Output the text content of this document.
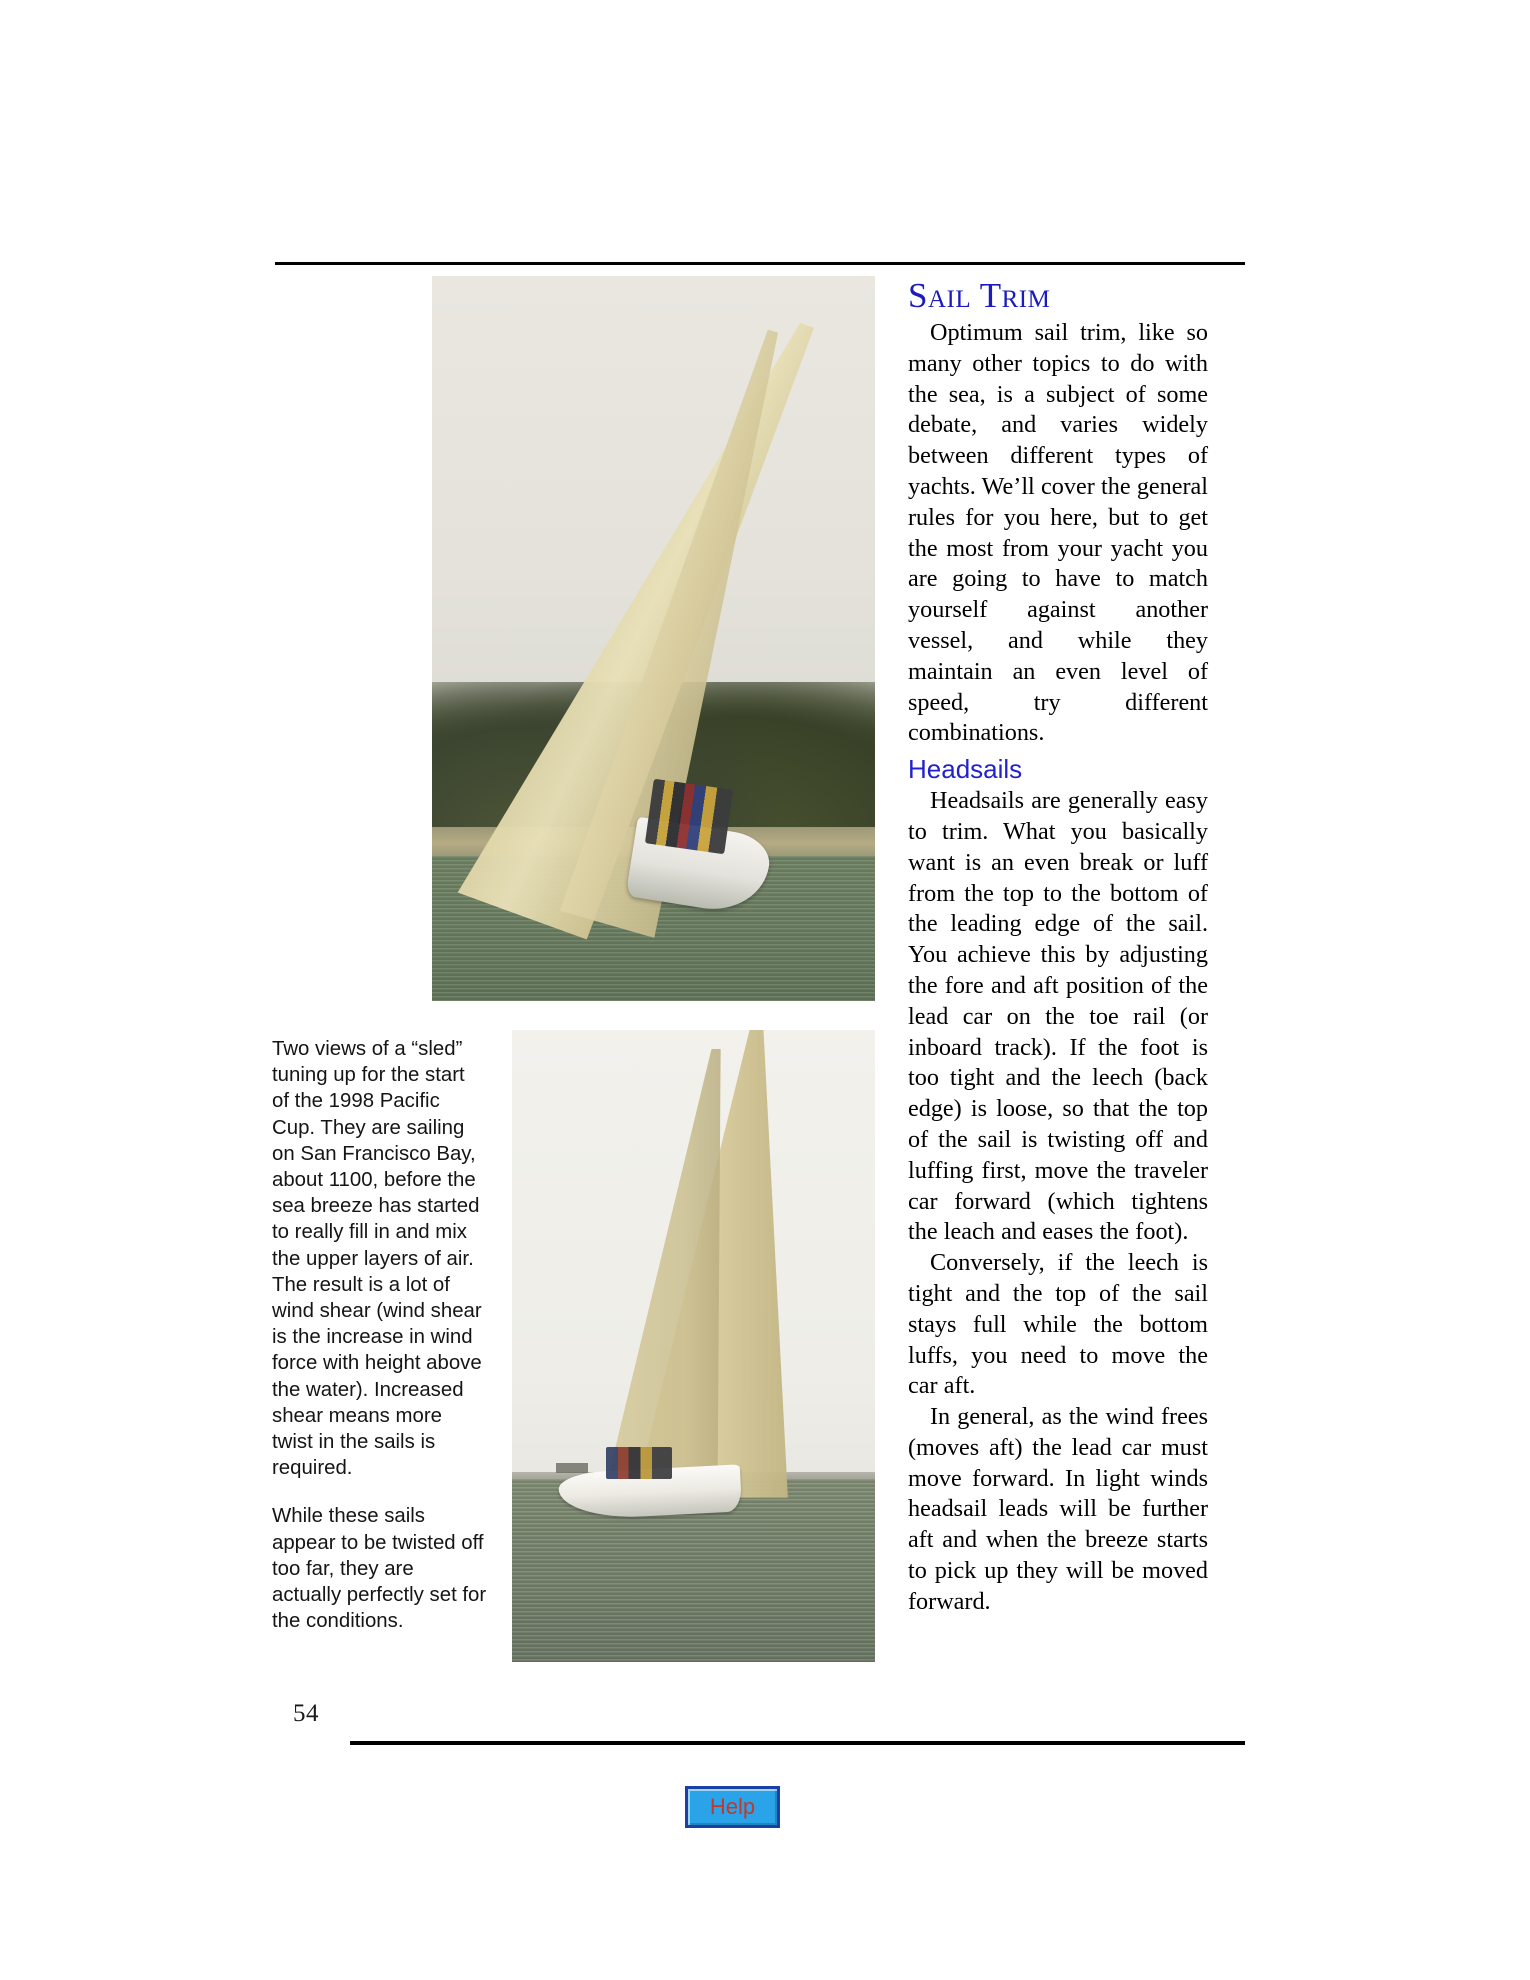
Two views of a “sled” tuning up for the start of the 1998 Pacific Cup. They are sailing on San Francisco Bay, about 1100, before the sea breeze has started to really fill in and mix the upper layers of air. The result is a lot of wind shear (wind shear is the increase in wind force with height above the water). Increased shear means more twist in the sails is required.

While these sails appear to be twisted off too far, they are actually perfectly set for the conditions.

Sail Trim

Optimum sail trim, like so many other topics to do with the sea, is a subject of some debate, and varies widely between different types of yachts. We’ll cover the general rules for you here, but to get the most from your yacht you are going to have to match yourself against another vessel, and while they maintain an even level of speed, try different combinations.

Headsails

Headsails are generally easy to trim. What you basically want is an even break or luff from the top to the bottom of the leading edge of the sail. You achieve this by adjusting the fore and aft position of the lead car on the toe rail (or inboard track). If the foot is too tight and the leech (back edge) is loose, so that the top of the sail is twisting off and luffing first, move the traveler car forward (which tightens the leach and eases the foot).

Conversely, if the leech is tight and the top of the sail stays full while the bottom luffs, you need to move the car aft.

In general, as the wind frees (moves aft) the lead car must move forward. In light winds headsail leads will be further aft and when the breeze starts to pick up they will be moved forward.

54
Help
